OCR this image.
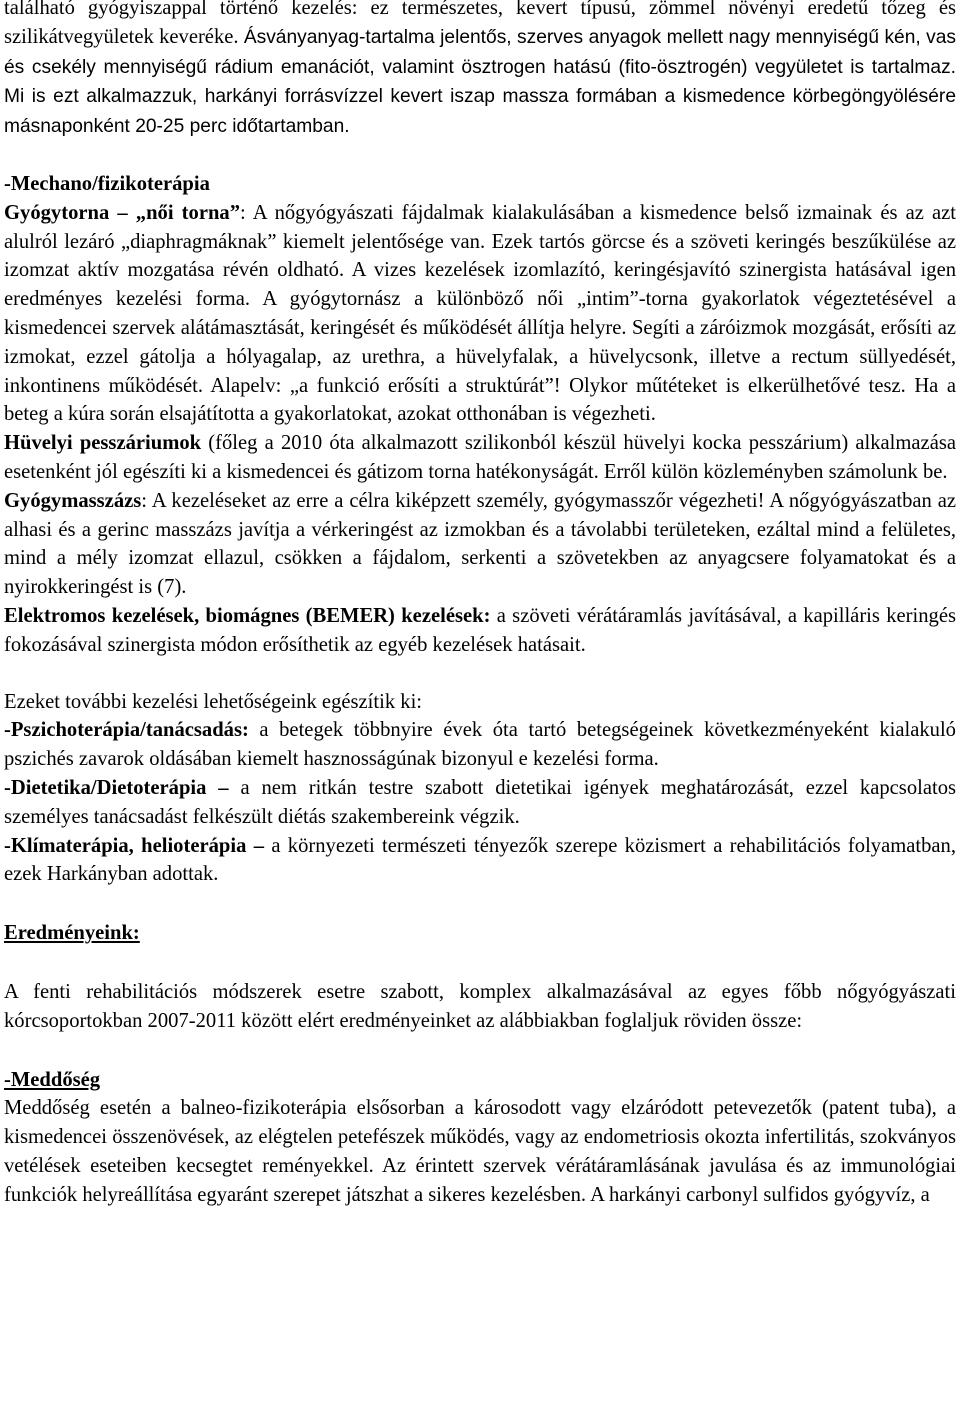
található gyógyiszappal történő kezelés: ez természetes, kevert típusú, zömmel növényi eredetű tőzeg és szilikátvegyületek keveréke. Ásványanyag-tartalma jelentős, szerves anyagok mellett nagy mennyiségű kén, vas és csekély mennyiségű rádium emanációt, valamint ösztrogen hatású (fito-ösztrogén) vegyületet is tartalmaz. Mi is ezt alkalmazzuk, harkányi forrásvízzel kevert iszap massza formában a kismedence körbegöngyölésére másnaponként 20-25 perc időtartamban.

-Mechano/fizikoterápia

Gyógytorna – „női torna”: A nőgyógyászati fájdalmak kialakulásában a kismedence belső izmainak és az azt alulról lezáró „diaphragmáknak” kiemelt jelentősége van. Ezek tartós görcse és a szöveti keringés beszűkülése az izomzat aktív mozgatása révén oldható. A vizes kezelések izomlazító, keringésjavító szinergista hatásával igen eredményes kezelési forma. A gyógytornász a különböző női „intim”-torna gyakorlatok végeztetésével a kismedencei szervek alátámasztását, keringését és működését állítja helyre. Segíti a záróizmok mozgását, erősíti az izmokat, ezzel gátolja a hólyagalap, az urethra, a hüvelyfalak, a hüvelycsonk, illetve a rectum süllyedését, inkontinens működését. Alapelv: „a funkció erősíti a struktúrát”! Olykor műtéteket is elkerülhetővé tesz. Ha a beteg a kúra során elsajátította a gyakorlatokat, azokat otthonában is végezheti.

Hüvelyi pesszáriumok (főleg a 2010 óta alkalmazott szilikonból készül hüvelyi kocka pesszárium) alkalmazása esetenként jól egészíti ki a kismedencei és gátizom torna hatékonyságát. Erről külön közleményben számolunk be.

Gyógymasszázs: A kezeléseket az erre a célra kiképzett személy, gyógymasszőr végezheti! A nőgyógyászatban az alhasi és a gerinc masszázs javítja a vérkeringést az izmokban és a távolabbi területeken, ezáltal mind a felületes, mind a mély izomzat ellazul, csökken a fájdalom, serkenti a szövetekben az anyagcsere folyamatokat és a nyirokkeringést is (7).

Elektromos kezelések, biomágnes (BEMER) kezelések: a szöveti vérátáramlás javításával, a kapilláris keringés fokozásával szinergista módon erősíthetik az egyéb kezelések hatásait.

Ezeket további kezelési lehetőségeink egészítik ki:

-Pszichoterápia/tanácsadás: a betegek többnyire évek óta tartó betegségeinek következményeként kialakuló pszichés zavarok oldásában kiemelt hasznosságúnak bizonyul e kezelési forma.

-Dietetika/Dietoterápia – a nem ritkán testre szabott dietetikai igények meghatározását, ezzel kapcsolatos személyes tanácsadást felkészült diétás szakembereink végzik.

-Klímaterápia, helioterápia – a környezeti természeti tényezők szerepe közismert a rehabilitációs folyamatban, ezek Harkányban adottak.

Eredményeink:

A fenti rehabilitációs módszerek esetre szabott, komplex alkalmazásával az egyes főbb nőgyógyászati kórcsoportokban 2007-2011 között elért eredményeinket az alábbiakban foglaljuk röviden össze:

-Meddőség

Meddőség esetén a balneo-fizikoterápia elsősorban a károsodott vagy elzáródott petevezetők (patent tuba), a kismedencei összenövések, az elégtelen petefészek működés, vagy az endometriosis okozta infertilitás, szokványos vetélések eseteiben kecsegtet reményekkel. Az érintett szervek vérátáramlásának javulása és az immunológiai funkciók helyreállítása egyaránt szerepet játszhat a sikeres kezelésben. A harkányi carbonyl sulfidos gyógyvíz, a
